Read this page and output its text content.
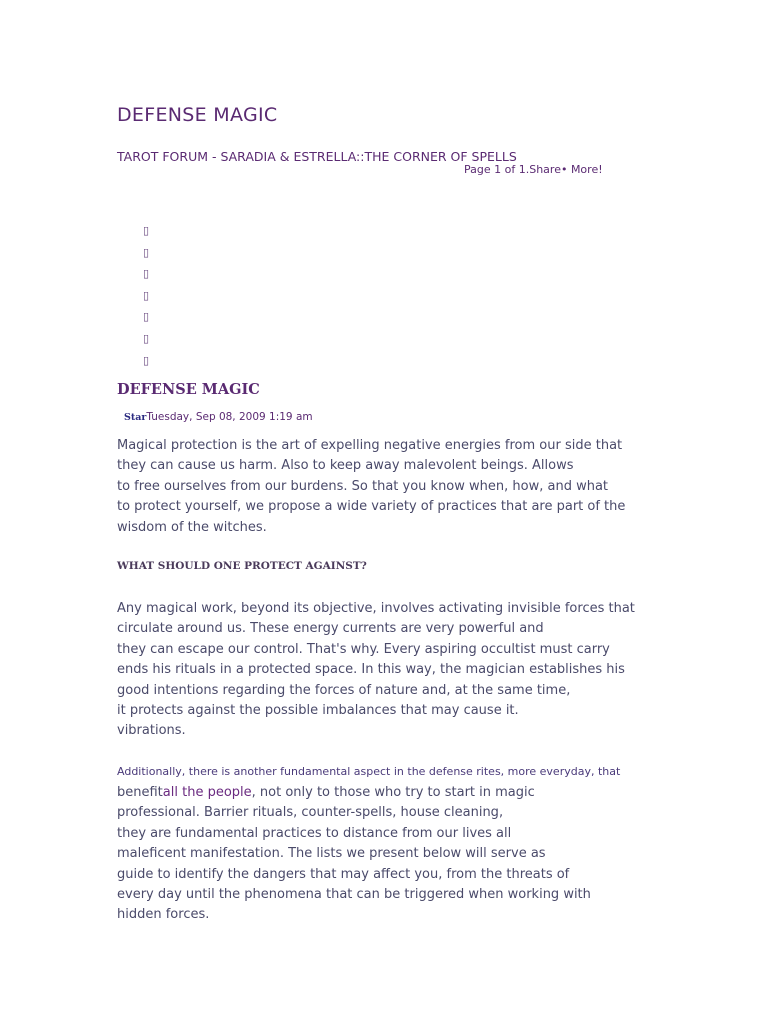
DEFENSE MAGIC
TAROT FORUM - SARADIA & ESTRELLA::THE CORNER OF SPELLS
Page 1 of 1.Share• More!
▯
▯
▯
▯
▯
▯
▯
DEFENSE MAGIC
StarTuesday, Sep 08, 2009 1:19 am

Magical protection is the art of expelling negative energies from our side that
they can cause us harm. Also to keep away malevolent beings. Allows
to free ourselves from our burdens. So that you know when, how, and what
to protect yourself, we propose a wide variety of practices that are part of the
wisdom of the witches.

WHAT SHOULD ONE PROTECT AGAINST?

Any magical work, beyond its objective, involves activating invisible forces that
circulate around us. These energy currents are very powerful and
they can escape our control. That's why. Every aspiring occultist must carry
ends his rituals in a protected space. In this way, the magician establishes his
good intentions regarding the forces of nature and, at the same time,
it protects against the possible imbalances that may cause it.
vibrations.

Additionally, there is another fundamental aspect in the defense rites, more everyday, that

benefitall the people, not only to those who try to start in magic
professional. Barrier rituals, counter-spells, house cleaning,
they are fundamental practices to distance from our lives all
maleficent manifestation. The lists we present below will serve as
guide to identify the dangers that may affect you, from the threats of
every day until the phenomena that can be triggered when working with
hidden forces.
